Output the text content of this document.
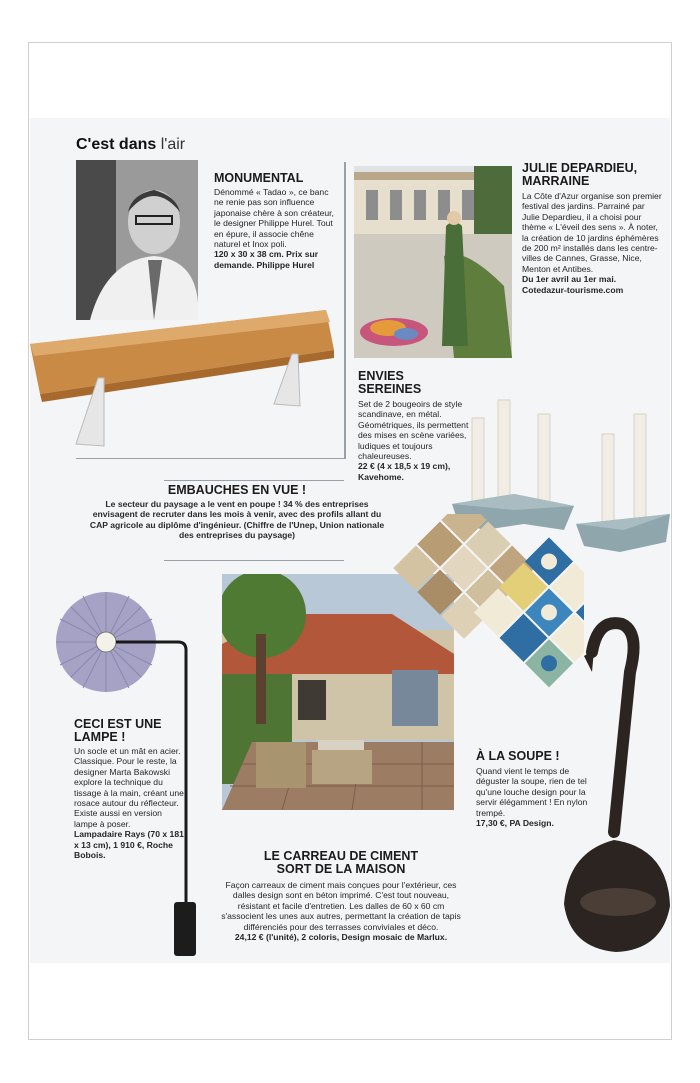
C'est dans l'air

MONUMENTAL

Dénommé « Tadao », ce banc ne renie pas son influence japonaise chère à son créateur, le designer Philippe Hurel. Tout en épure, il associe chêne naturel et Inox poli.

120 x 30 x 38 cm. Prix sur demande. Philippe Hurel

JULIE DEPARDIEU,

MARRAINE

La Côte d'Azur organise son premier festival des jardins. Parrainé par Julie Depardieu, il a choisi pour thème « L'éveil des sens ». À noter, la création de 10 jardins éphémères de 200 m² installés dans les centre-villes de Cannes, Grasse, Nice, Menton et Antibes.

Du 1er avril au 1er mai.

Cotedazur-tourisme.com

ENVIES SEREINES

Set de 2 bougeoirs de style scandinave, en métal. Géométriques, ils permettent des mises en scène variées, ludiques et toujours chaleureuses.

22 € (4 x 18,5 x 19 cm), Kavehome.

EMBAUCHES EN VUE !

Le secteur du paysage a le vent en poupe ! 34 % des entreprises envisagent de recruter dans les mois à venir, avec des profils allant du CAP agricole au diplôme d'ingénieur. (Chiffre de l'Unep, Union nationale des entreprises du paysage)

CECI EST UNE

LAMPE !

Un socle et un mât en acier. Classique. Pour le reste, la designer Marta Bakowski explore la technique du tissage à la main, créant une rosace autour du réflecteur. Existe aussi en version lampe à poser.

Lampadaire Rays (70 x 181 x 13 cm), 1 910 €, Roche Bobois.	LE CARREAU DE CIMENT

SORT DE LA MAISON

Façon carreaux de ciment mais conçues pour l'extérieur, ces dalles design sont en béton imprimé. C'est tout nouveau, résistant et facile d'entretien. Les dalles de 60 x 60 cm s'associent les unes aux autres, permettant la création de tapis différenciés pour des terrasses conviviales et déco.

24,12 € (l'unité), 2 coloris, Design mosaic de Marlux.

À LA SOUPE !

Quand vient le temps de déguster la soupe, rien de tel qu'une louche design pour la servir élégamment ! En nylon trempé.

17,30 €, PA Design.
